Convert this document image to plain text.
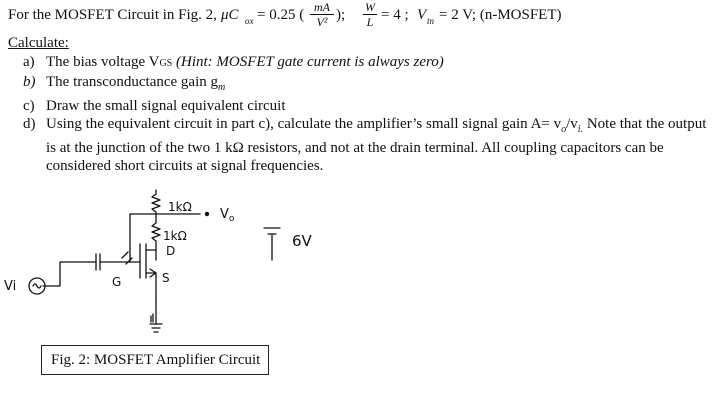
For the MOSFET Circuit in Fig. 2, μC ox = 0.25 ( mA
V² ); W
L = 4 ; V tn = 2 V; (n-MOSFET)
Calculate:
a) The bias voltage VGS (Hint: MOSFET gate current is always zero)
b) The transconductance gain $g_m$
c) Draw the small signal equivalent circuit
d) Using the equivalent circuit in part c), calculate the amplifier’s small signal gain $A= v_o/v_{i.}$ Note that the output is at the junction of the two 1 kΩ resistors, and not at the drain terminal. All coupling capacitors can be considered short circuits at signal frequencies.
1kΩ
1kΩ
$V_o$
D
G	S
6V
Vi
Fig. 2: MOSFET Amplifier Circuit
